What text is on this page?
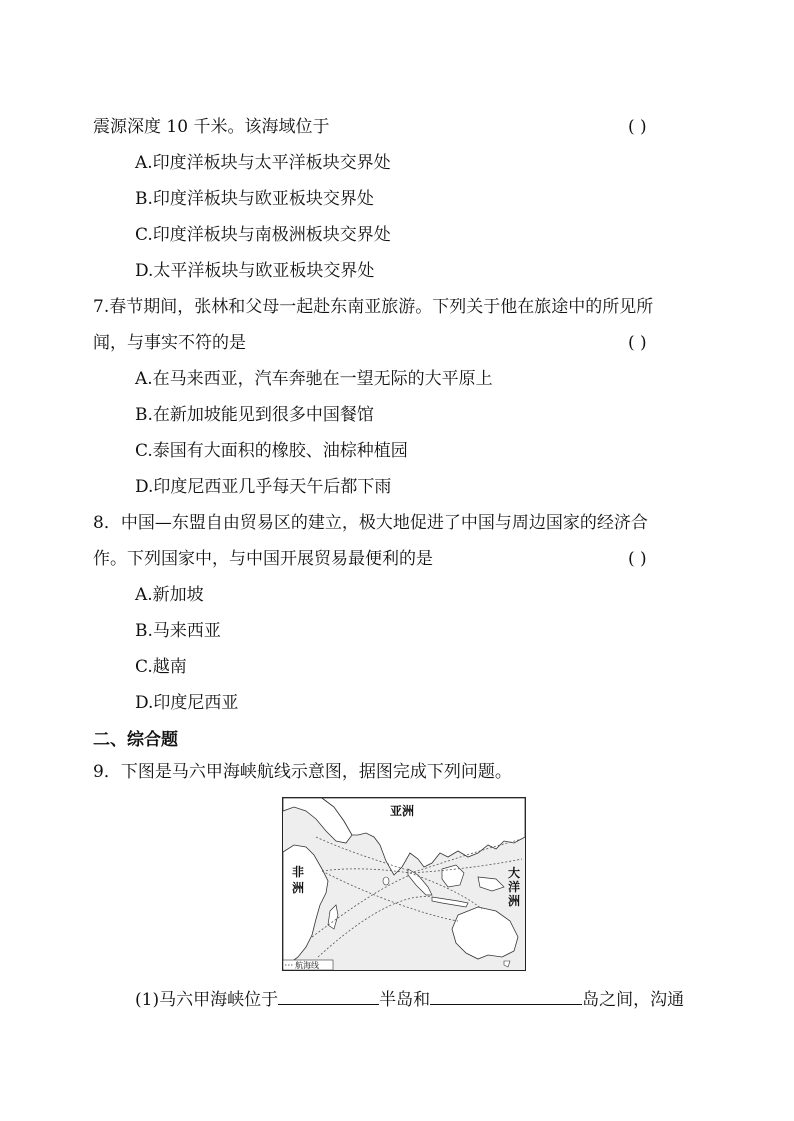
震源深度 10 千米。该海域位于	( )
A.印度洋板块与太平洋板块交界处
B.印度洋板块与欧亚板块交界处
C.印度洋板块与南极洲板块交界处
D.太平洋板块与欧亚板块交界处
7.春节期间，张林和父母一起赴东南亚旅游。下列关于他在旅途中的所见所
闻，与事实不符的是	( )
A.在马来西亚，汽车奔驰在一望无际的大平原上
B.在新加坡能见到很多中国餐馆
C.泰国有大面积的橡胶、油棕种植园
D.印度尼西亚几乎每天午后都下雨
8．中国—东盟自由贸易区的建立，极大地促进了中国与周边国家的经济合
作。下列国家中，与中国开展贸易最便利的是	( )
A.新加坡
B.马来西亚
C.越南
D.印度尼西亚
二、综合题
9．下图是马六甲海峡航线示意图，据图完成下列问题。
亚洲
非
洲
大
洋
洲
航海线
(1)马六甲海峡位于	半岛和	岛之间，沟通
